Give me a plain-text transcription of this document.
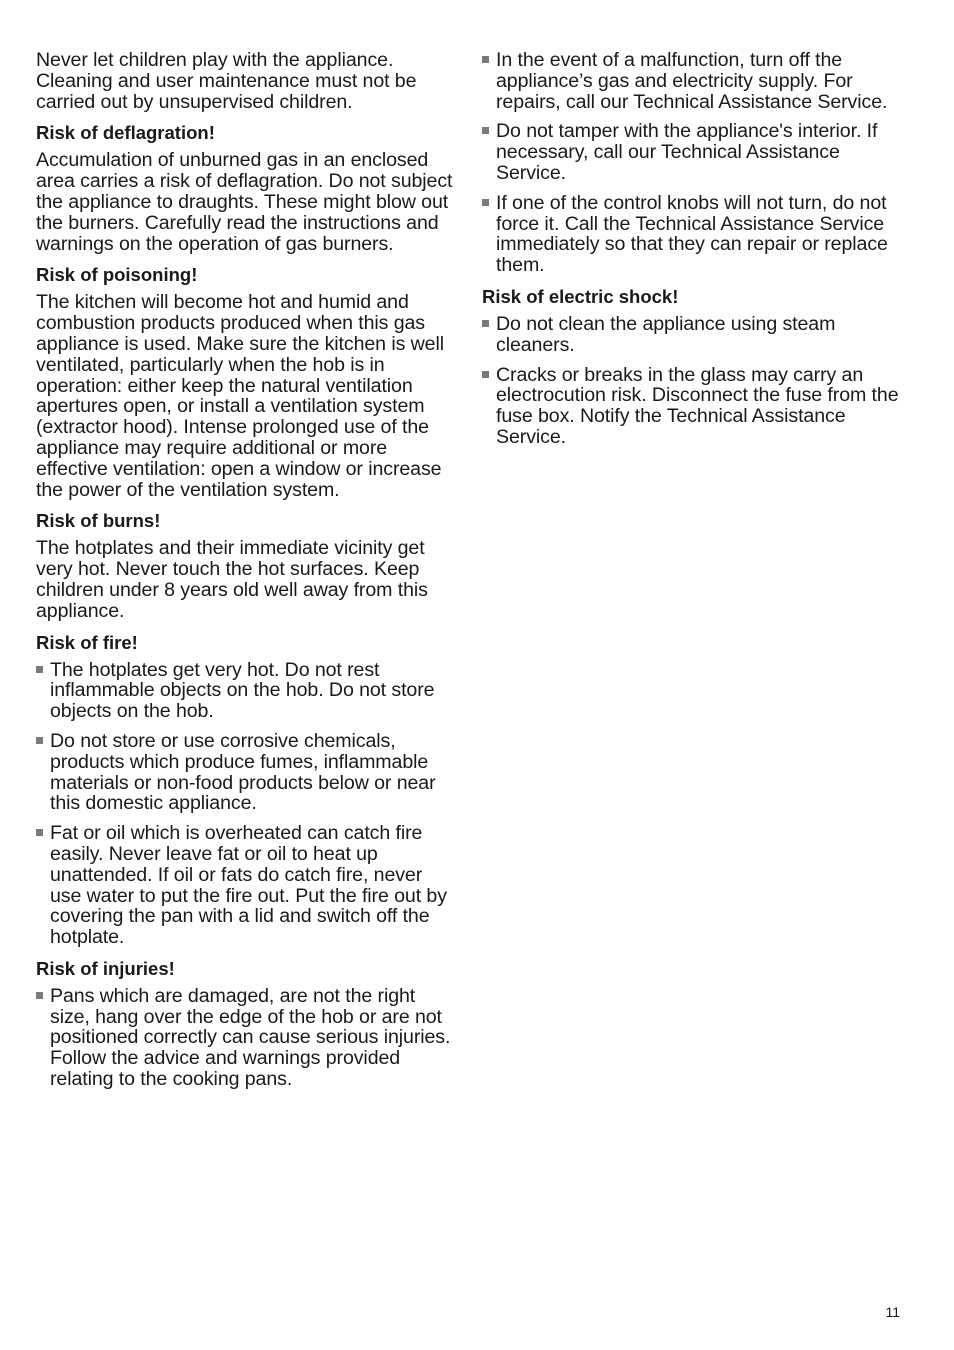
Never let children play with the appliance. Cleaning and user maintenance must not be carried out by unsupervised children.

Risk of deflagration!

Accumulation of unburned gas in an enclosed area carries a risk of deflagration. Do not subject the appliance to draughts. These might blow out the burners. Carefully read the instructions and warnings on the operation of gas burners.

Risk of poisoning!

The kitchen will become hot and humid and combustion products produced when this gas appliance is used. Make sure the kitchen is well ventilated, particularly when the hob is in operation: either keep the natural ventilation apertures open, or install a ventilation system (extractor hood). Intense prolonged use of the appliance may require additional or more effective ventilation: open a window or increase the power of the ventilation system.

Risk of burns!

The hotplates and their immediate vicinity get very hot. Never touch the hot surfaces. Keep children under 8 years old well away from this appliance.

Risk of fire!
The hotplates get very hot. Do not rest inflammable objects on the hob. Do not store objects on the hob.
Do not store or use corrosive chemicals, products which produce fumes, inflammable materials or non-food products below or near this domestic appliance.
Fat or oil which is overheated can catch fire easily. Never leave fat or oil to heat up unattended. If oil or fats do catch fire, never use water to put the fire out. Put the fire out by covering the pan with a lid and switch off the hotplate.
Risk of injuries!
Pans which are damaged, are not the right size, hang over the edge of the hob or are not positioned correctly can cause serious injuries. Follow the advice and warnings provided relating to the cooking pans.
In the event of a malfunction, turn off the appliance’s gas and electricity supply. For repairs, call our Technical Assistance Service.
Do not tamper with the appliance's interior. If necessary, call our Technical Assistance Service.
If one of the control knobs will not turn, do not force it. Call the Technical Assistance Service immediately so that they can repair or replace them.
Risk of electric shock!
Do not clean the appliance using steam cleaners.
Cracks or breaks in the glass may carry an electrocution risk. Disconnect the fuse from the fuse box. Notify the Technical Assistance Service.
11
